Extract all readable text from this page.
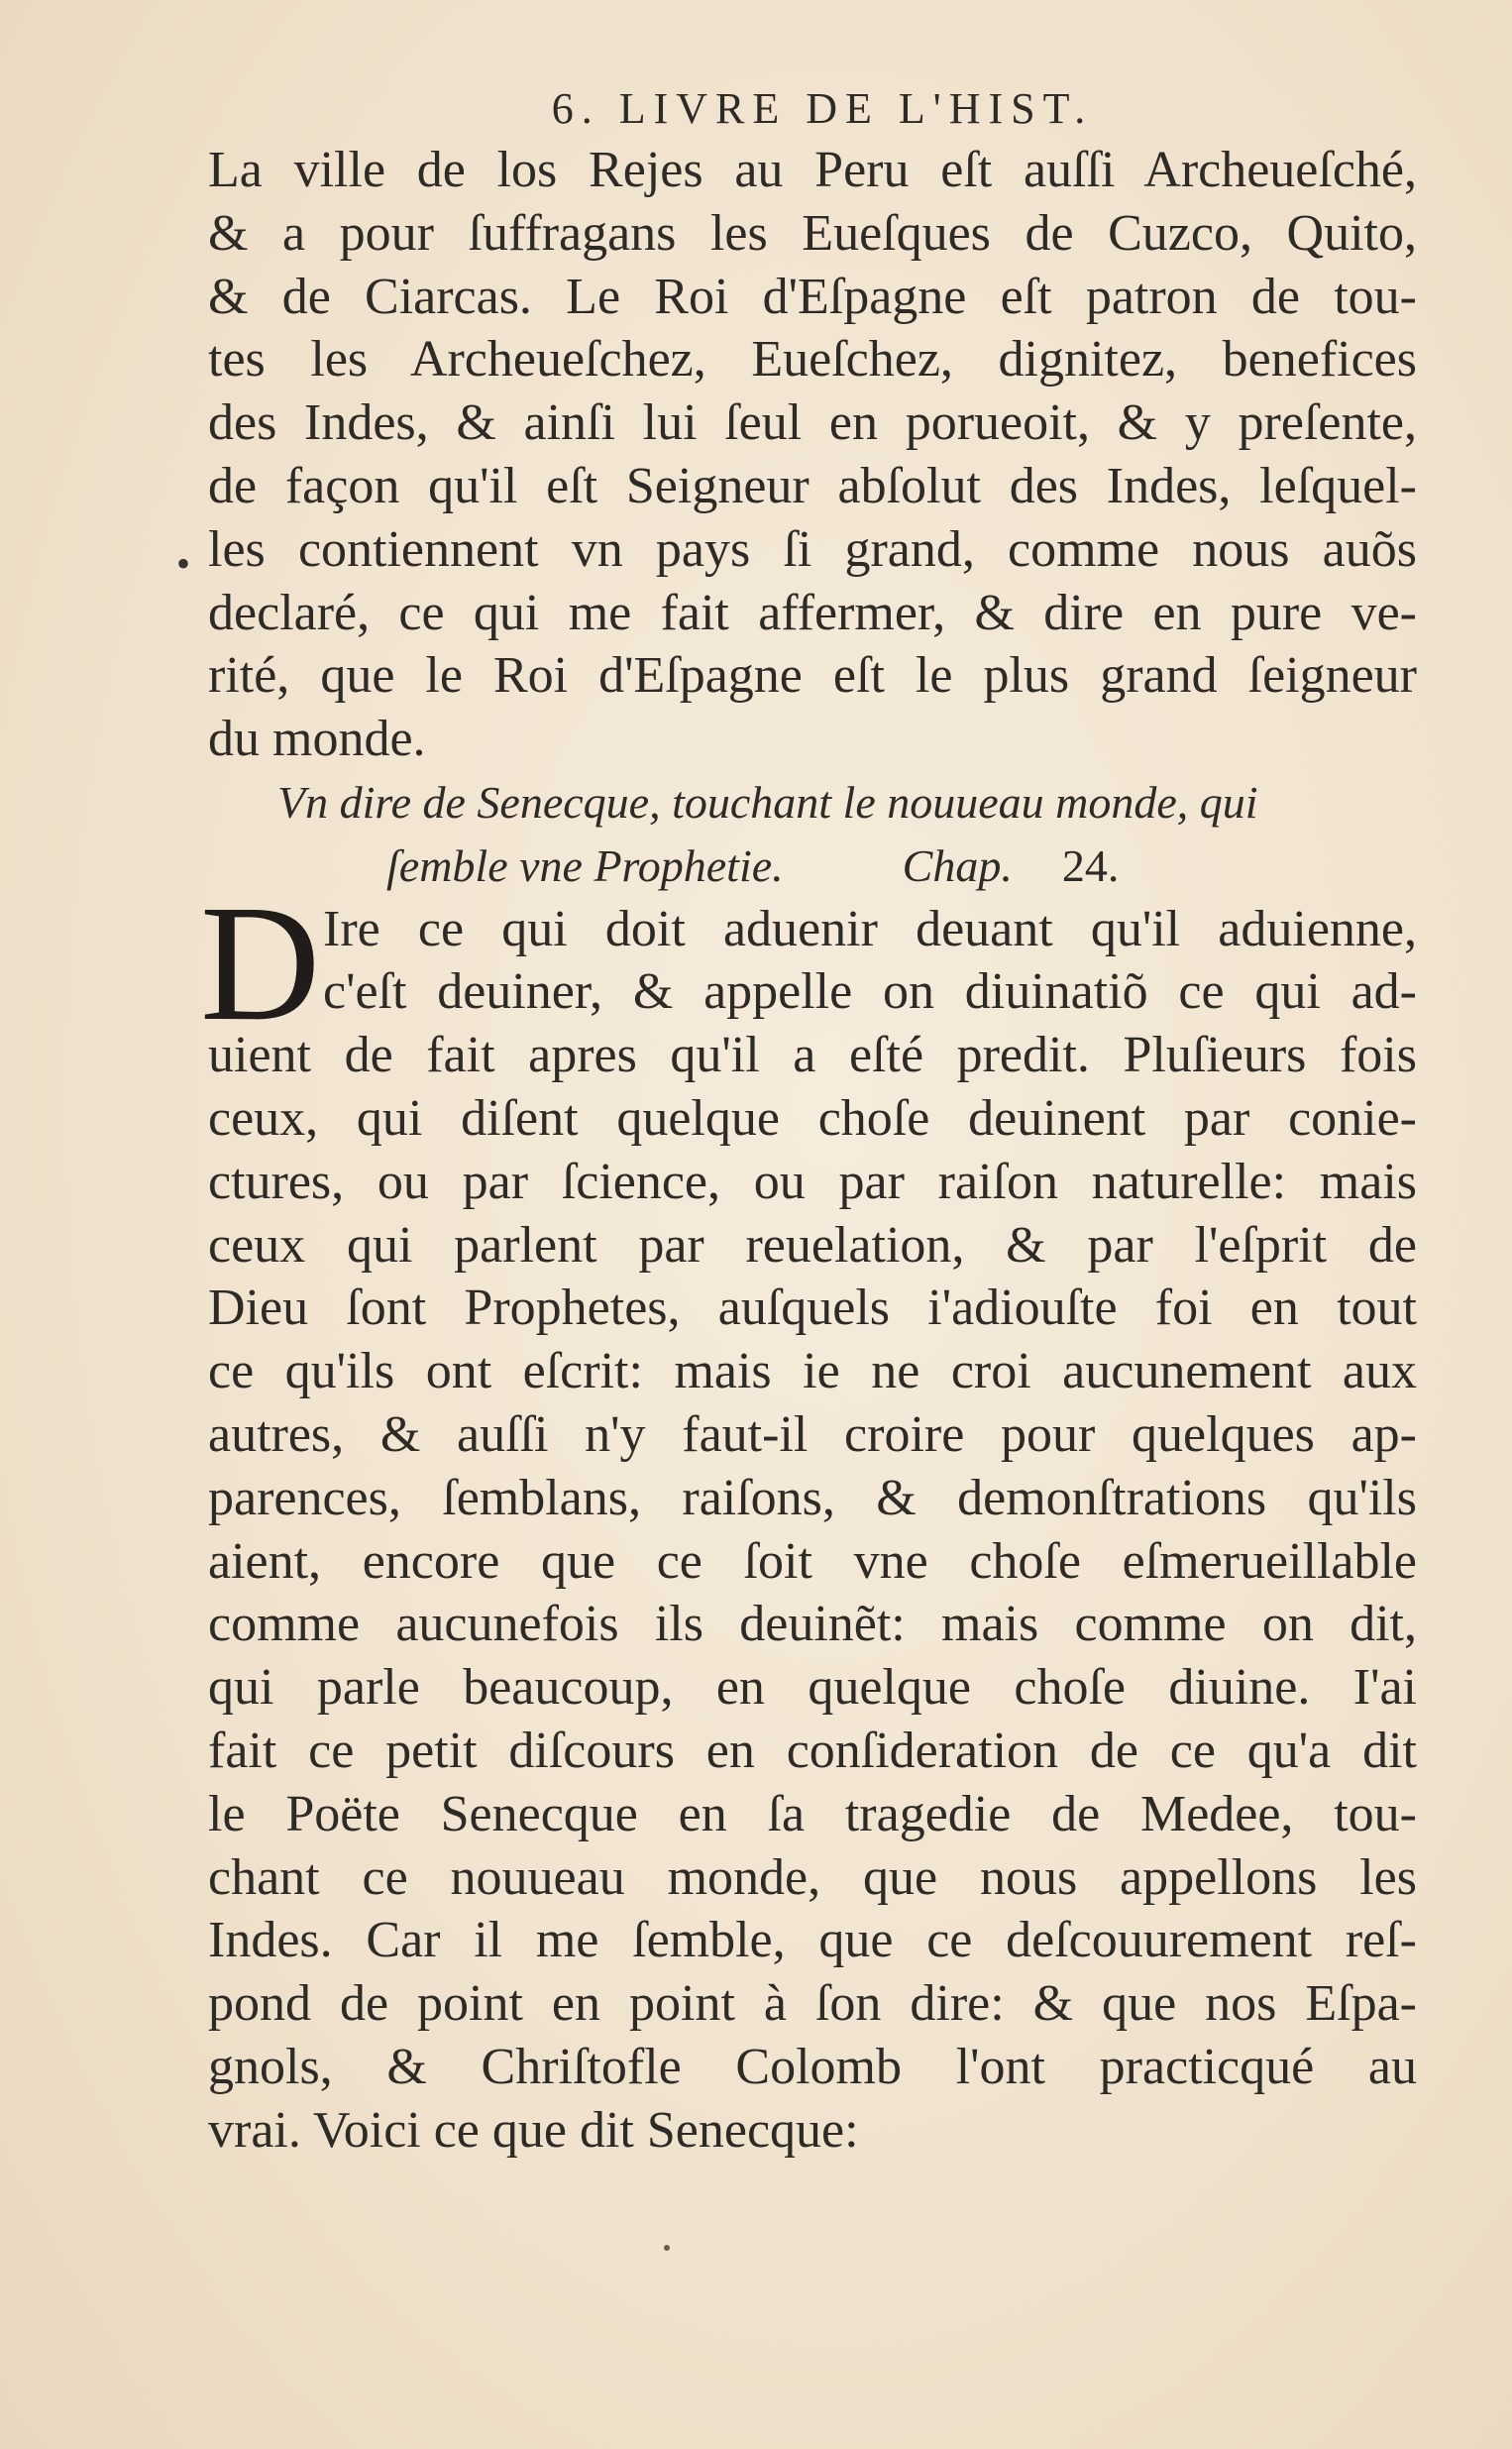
•
6. LIVRE DE L'HIST.
La ville de los Rejes au Peru eſt auſſi Archeueſché,
& a pour ſuffragans les Eueſques de Cuzco, Quito,
& de Ciarcas. Le Roi d'Eſpagne eſt patron de tou-
tes les Archeueſchez, Eueſchez, dignitez, benefices
des Indes, & ainſi lui ſeul en porueoit, & y preſente,
de façon qu'il eſt Seigneur abſolut des Indes, leſquel-
les contiennent vn pays ſi grand, comme nous auõs
declaré, ce qui me fait affermer, & dire en pure ve-
rité, que le Roi d'Eſpagne eſt le plus grand ſeigneur
du monde.
Vn dire de Senecque, touchant le nouueau monde, qui
ſemble vne Prophetie.	Chap. 24.
D Ire ce qui doit aduenir deuant qu'il aduienne,
c'eſt deuiner, & appelle on diuinatiõ ce qui ad-
uient de fait apres qu'il a eſté predit. Pluſieurs fois
ceux, qui diſent quelque choſe deuinent par conie-
ctures, ou par ſcience, ou par raiſon naturelle: mais
ceux qui parlent par reuelation, & par l'eſprit de
Dieu ſont Prophetes, auſquels i'adiouſte foi en tout
ce qu'ils ont eſcrit: mais ie ne croi aucunement aux
autres, & auſſi n'y faut-il croire pour quelques ap-
parences, ſemblans, raiſons, & demonſtrations qu'ils
aient, encore que ce ſoit vne choſe eſmerueillable
comme aucunefois ils deuinẽt: mais comme on dit,
qui parle beaucoup, en quelque choſe diuine. I'ai
fait ce petit diſcours en conſideration de ce qu'a dit
le Poëte Senecque en ſa tragedie de Medee, tou-
chant ce nouueau monde, que nous appellons les
Indes. Car il me ſemble, que ce deſcouurement reſ-
pond de point en point à ſon dire: & que nos Eſpa-
gnols, & Chriſtofle Colomb l'ont practicqué au
vrai. Voici ce que dit Senecque:
